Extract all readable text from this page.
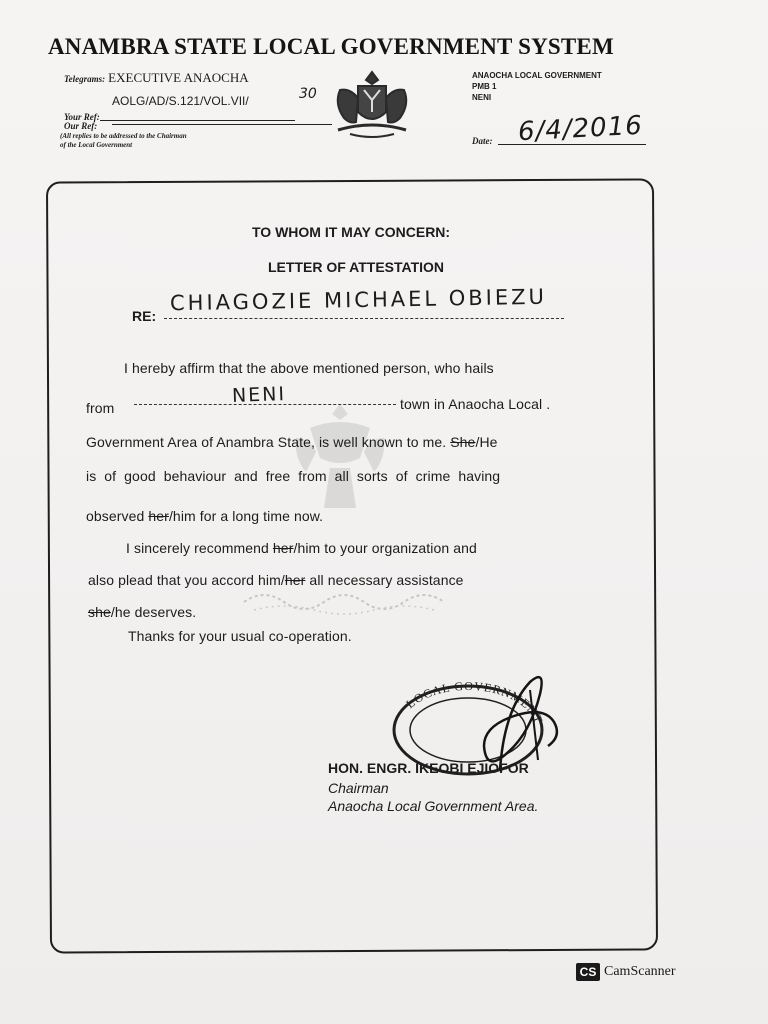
ANAMBRA STATE LOCAL GOVERNMENT SYSTEM
Telegrams: EXECUTIVE ANAOCHA
Your Ref:
AOLG/AD/S.121/VOL.VII/	30
Our Ref:
(All replies to be addressed to the Chairman
of the Local Government
ANAOCHA LOCAL GOVERNMENT
PMB 1
NENI
Date: 6/4/2016
TO WHOM IT MAY CONCERN:
LETTER OF ATTESTATION
RE:
CHIAGOZIE MICHAEL OBIEZU
I hereby affirm that the above mentioned person, who hails
from
NENI	town in Anaocha Local .
Government Area of Anambra State, is well known to me. She/He
is of good behaviour and free from all sorts of crime having
observed her/him for a long time now.
I sincerely recommend her/him to your organization and
also plead that you accord him/her all necessary assistance
she/he deserves.
Thanks for your usual co-operation.
LOCAL GOVERNMENT
HON. ENGR. IKEOBI EJIOFOR
Chairman
Anaocha Local Government Area.
CS CamScanner
